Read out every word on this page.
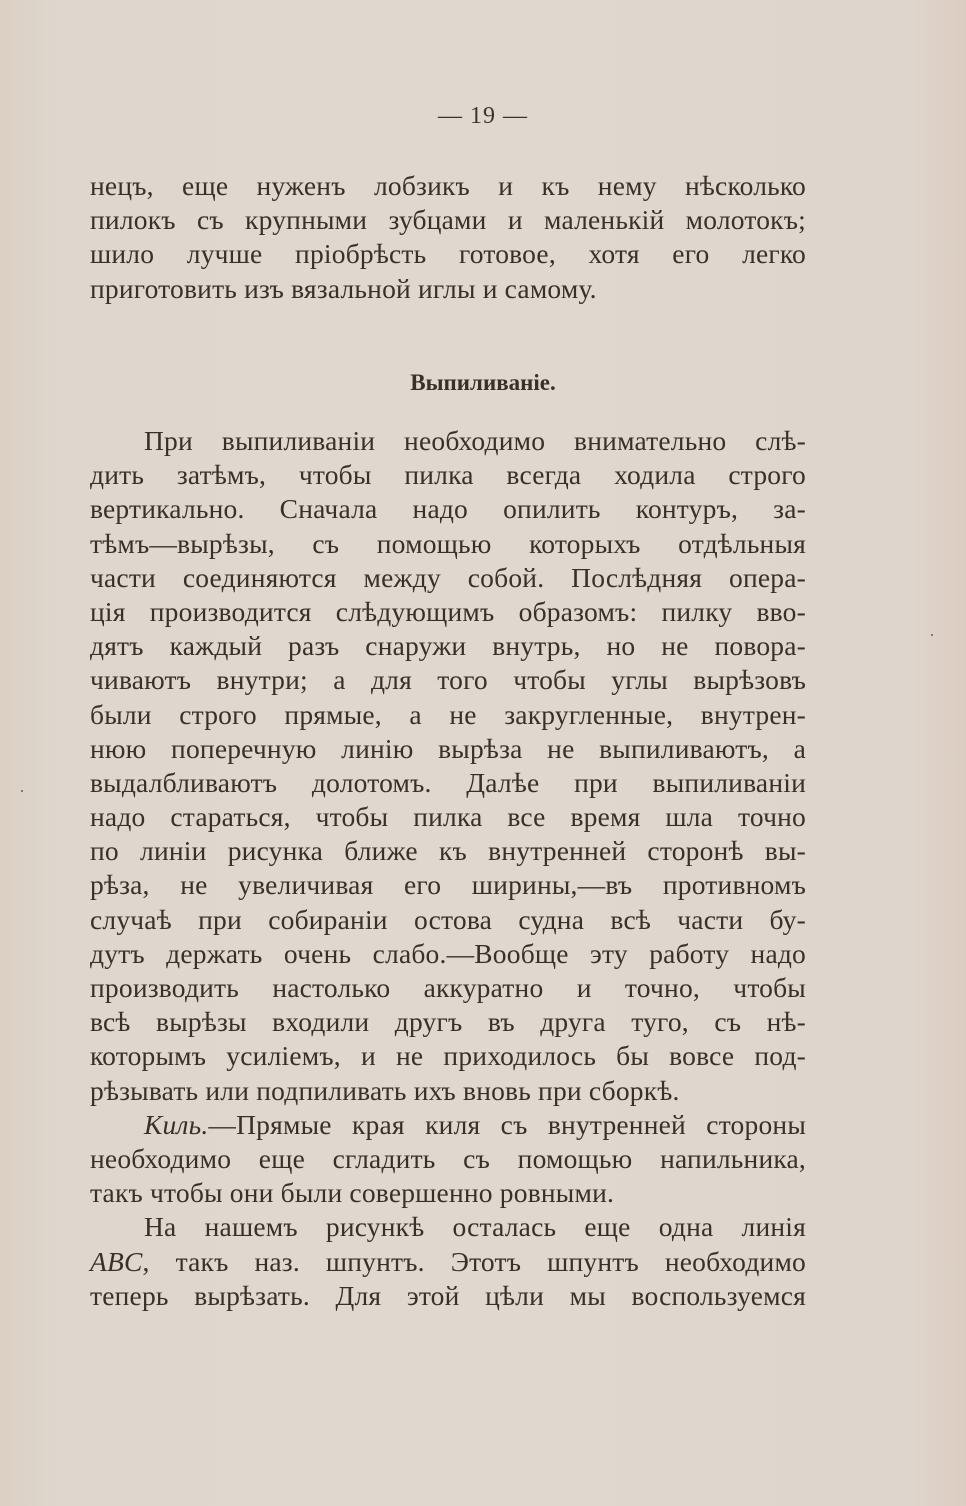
— 19 —
нецъ, еще нуженъ лобзикъ и къ нему нѣсколько
пилокъ съ крупными зубцами и маленькій молотокъ;
шило лучше пріобрѣсть готовое, хотя его легко
приготовить изъ вязальной иглы и самому.
Выпиливаніе.
При выпиливаніи необходимо внимательно слѣ-
дить затѣмъ, чтобы пилка всегда ходила строго
вертикально. Сначала надо опилить контуръ, за-
тѣмъ—вырѣзы, съ помощью которыхъ отдѣльныя
части соединяются между собой. Послѣдняя опера-
ція производится слѣдующимъ образомъ: пилку вво-
дятъ каждый разъ снаружи внутрь, но не повора-
чиваютъ внутри; а для того чтобы углы вырѣзовъ
были строго прямые, а не закругленные, внутрен-
нюю поперечную линію вырѣза не выпиливаютъ, а
выдалбливаютъ долотомъ. Далѣе при выпиливаніи
надо стараться, чтобы пилка все время шла точно
по линіи рисунка ближе къ внутренней сторонѣ вы-
рѣза, не увеличивая его ширины,—въ противномъ
случаѣ при собираніи остова судна всѣ части бу-
дутъ держать очень слабо.—Вообще эту работу надо
производить настолько аккуратно и точно, чтобы
всѣ вырѣзы входили другъ въ друга туго, съ нѣ-
которымъ усиліемъ, и не приходилось бы вовсе под-
рѣзывать или подпиливать ихъ вновь при сборкѣ.
Киль.—Прямые края киля съ внутренней стороны
необходимо еще сгладить съ помощью напильника,
такъ чтобы они были совершенно ровными.
На нашемъ рисункѣ осталась еще одна линія
ABC, такъ наз. шпунтъ. Этотъ шпунтъ необходимо
теперь вырѣзать. Для этой цѣли мы воспользуемся
